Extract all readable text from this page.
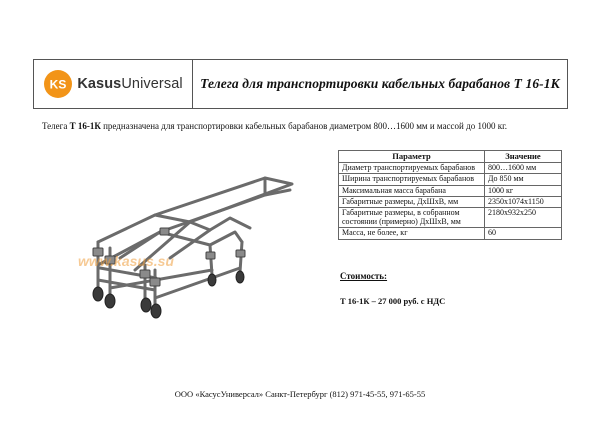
KS KasusUniversal	Телега для транспортировки кабельных барабанов Т 16-1К
Телега Т 16-1К предназначена для транспортировки кабельных барабанов диаметром 800…1600 мм и массой до 1000 кг.
www.kasus.su
Параметр	Значение
Диаметр транспортируемых барабанов	800…1600 мм
Ширина транспортируемых барабанов	До 850 мм
Максимальная масса барабана	1000 кг
Габаритные размеры, ДхШхВ, мм	2350х1074х1150
Габаритные размеры, в собранном состоянии (примерно) ДхШхВ, мм	2180х932х250
Масса, не более, кг	60
Стоимость:
Т 16-1К – 27 000 руб. с НДС
ООО «КасусУниверсал» Санкт-Петербург (812) 971-45-55, 971-65-55
